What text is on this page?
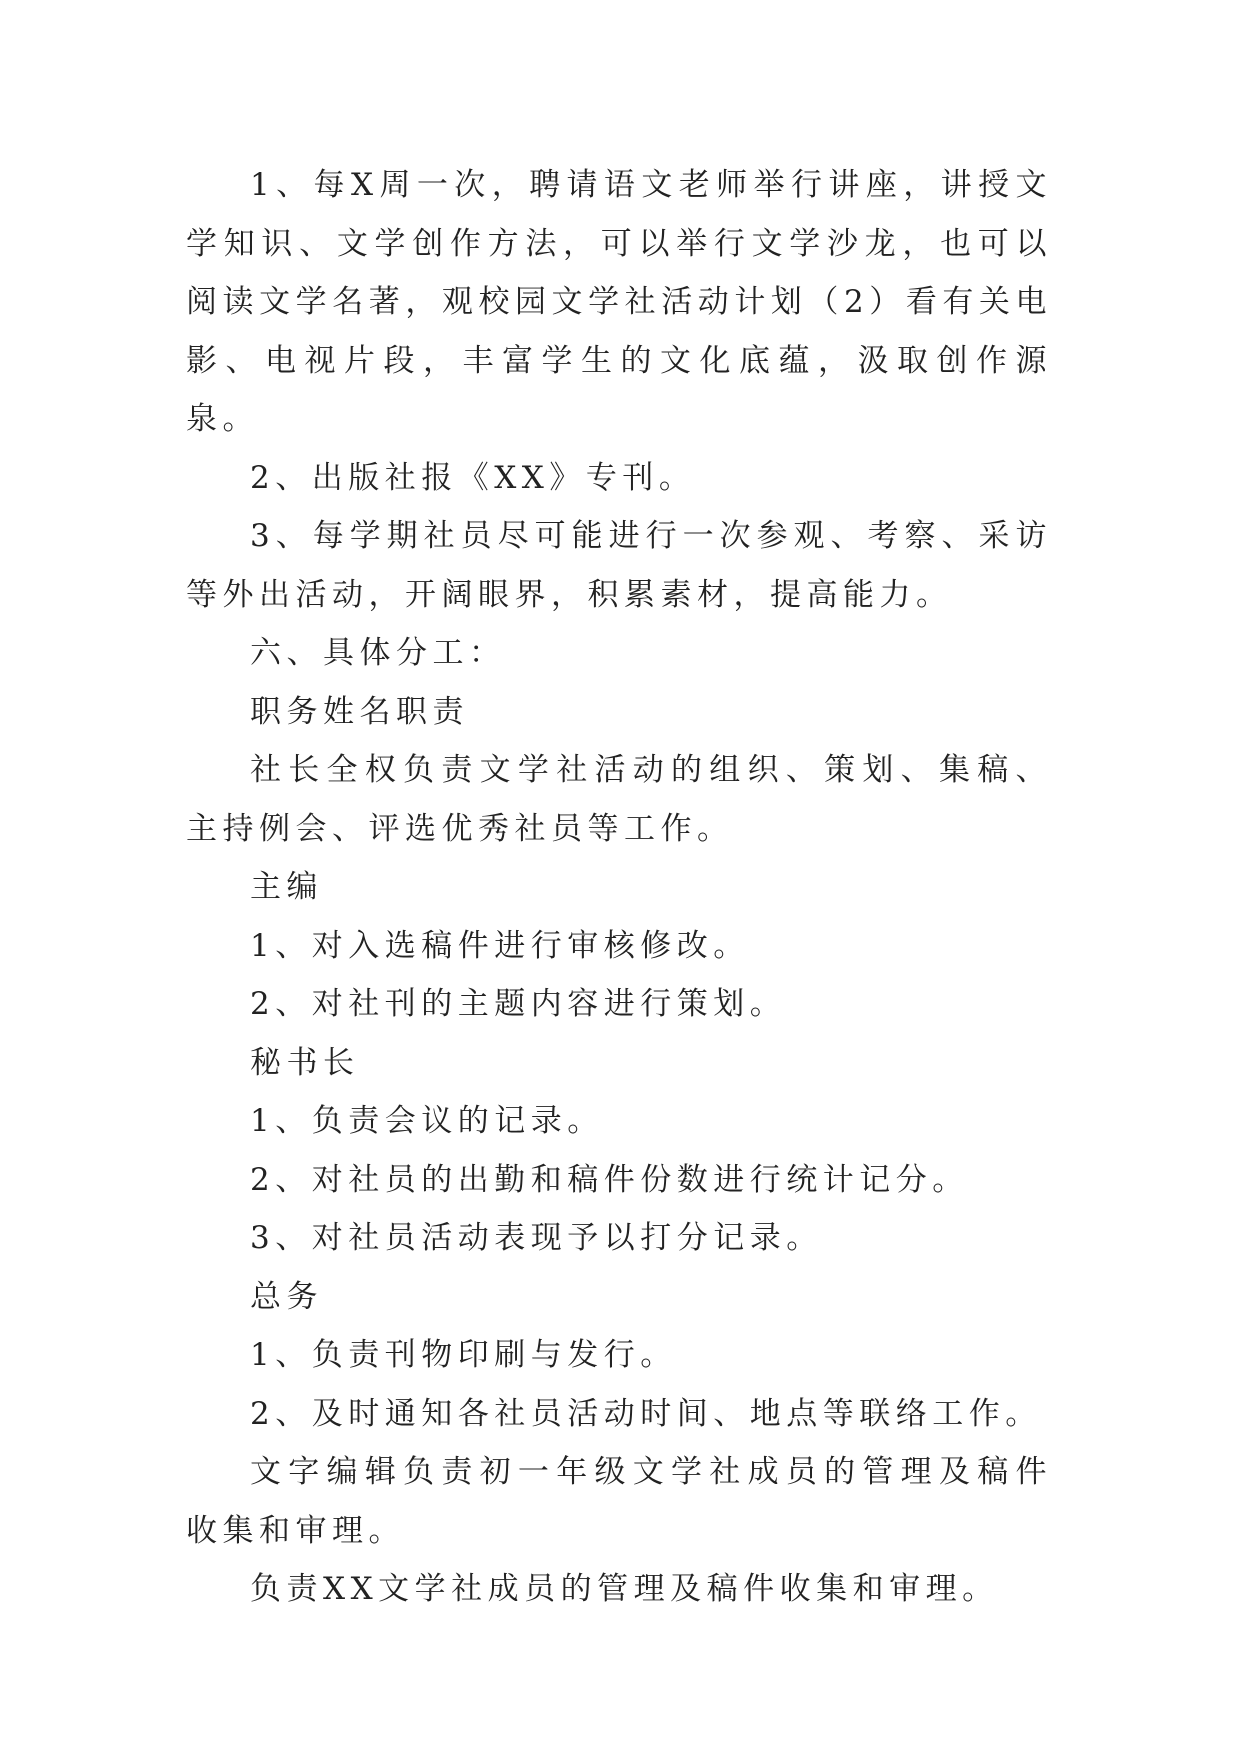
1、每X周一次，聘请语文老师举行讲座，讲授文学知识、文学创作方法，可以举行文学沙龙，也可以阅读文学名著，观校园文学社活动计划（2）看有关电影、电视片段，丰富学生的文化底蕴，汲取创作源泉。

2、出版社报《XX》专刊。

3、每学期社员尽可能进行一次参观、考察、采访等外出活动，开阔眼界，积累素材，提高能力。

六、具体分工：

职务姓名职责

社长全权负责文学社活动的组织、策划、集稿、主持例会、评选优秀社员等工作。

主编

1、对入选稿件进行审核修改。

2、对社刊的主题内容进行策划。

秘书长

1、负责会议的记录。

2、对社员的出勤和稿件份数进行统计记分。

3、对社员活动表现予以打分记录。

总务

1、负责刊物印刷与发行。

2、及时通知各社员活动时间、地点等联络工作。

文字编辑负责初一年级文学社成员的管理及稿件收集和审理。

负责XX文学社成员的管理及稿件收集和审理。
